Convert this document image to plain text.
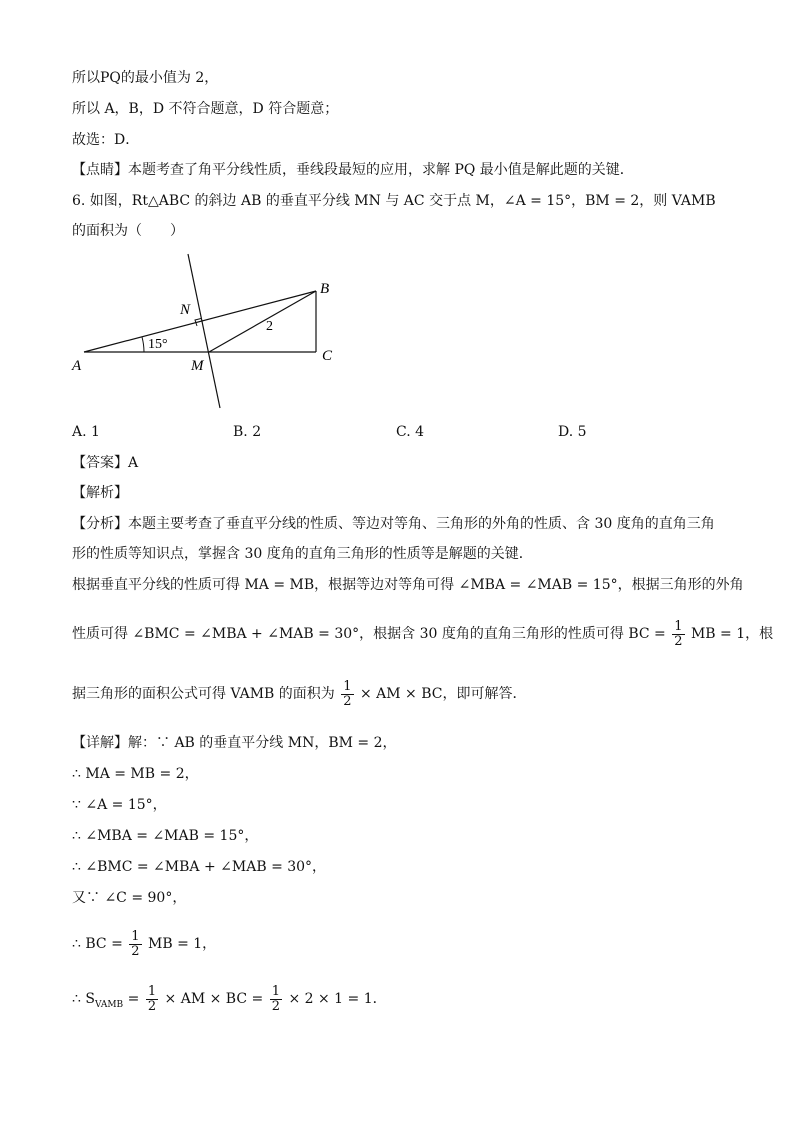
所以PQ的最小值为 2，
所以 A，B，D 不符合题意，D 符合题意；
故选：D．
【点睛】本题考查了角平分线性质，垂线段最短的应用，求解 PQ 最小值是解此题的关键．
6. 如图，Rt△ABC 的斜边 AB 的垂直平分线 MN 与 AC 交于点 M，∠A = 15°，BM = 2，则 VAMB
的面积为（　　）
A
B
C
M
N
2
15°
A. 1	B. 2	C. 4	D. 5
【答案】A
【解析】
【分析】本题主要考查了垂直平分线的性质、等边对等角、三角形的外角的性质、含 30 度角的直角三角
形的性质等知识点，掌握含 30 度角的直角三角形的性质等是解题的关键．
根据垂直平分线的性质可得 MA = MB，根据等边对等角可得 ∠MBA = ∠MAB = 15°，根据三角形的外角
性质可得 ∠BMC = ∠MBA + ∠MAB = 30°，根据含 30 度角的直角三角形的性质可得 BC = $\frac{1}{2}$ MB = 1，根
据三角形的面积公式可得 VAMB 的面积为 $\frac{1}{2}$ × AM × BC，即可解答．
【详解】解：∵ AB 的垂直平分线 MN，BM = 2，
∴ MA = MB = 2，
∵ ∠A = 15°，
∴ ∠MBA = ∠MAB = 15°，
∴ ∠BMC = ∠MBA + ∠MAB = 30°，
又∵ ∠C = 90°，
∴ BC = $\frac{1}{2}$ MB = 1，
∴ $S_{VAMB} = \frac{1}{2}$ × AM × BC = $\frac{1}{2} \times 2 \times 1 = 1$．
